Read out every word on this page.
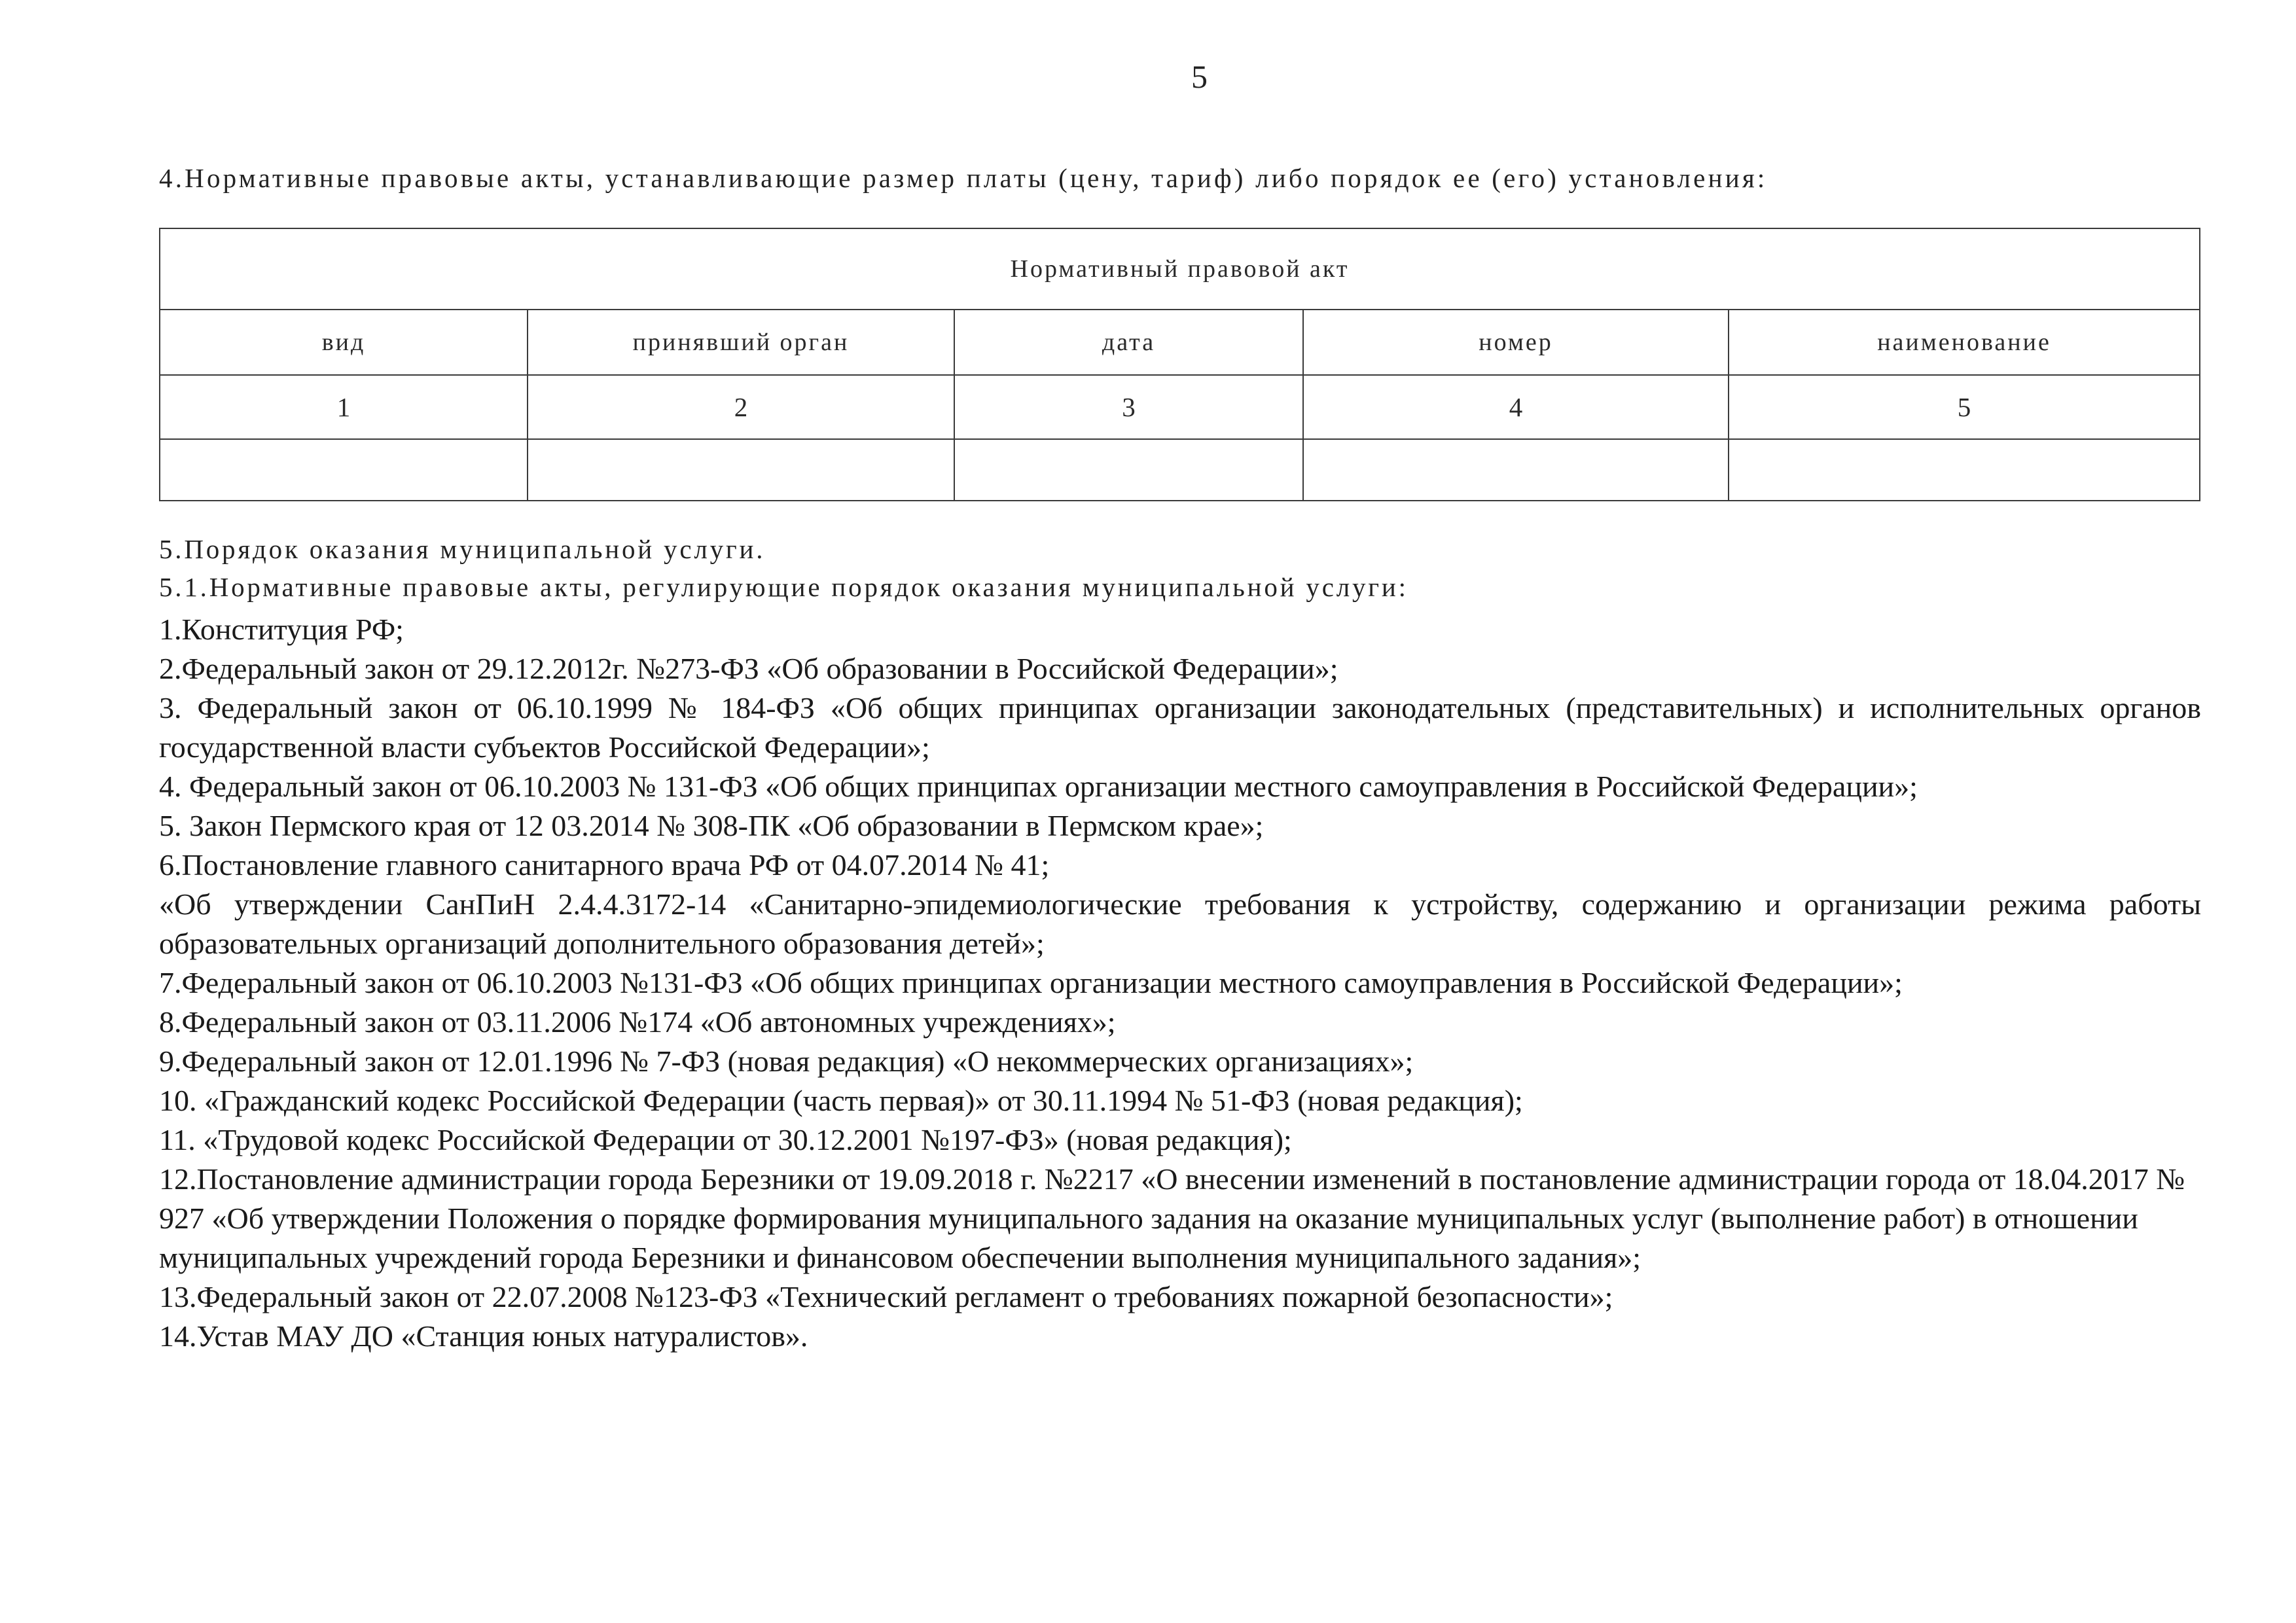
5
4.Нормативные правовые акты, устанавливающие размер платы (цену, тариф) либо порядок ее (его) установления:
Нормативный правовой акт				
вид	принявший орган	дата	номер	наименование
1	2	3	4	5

5.Порядок оказания муниципальной услуги.
5.1.Нормативные правовые акты, регулирующие порядок оказания муниципальной услуги:

1.Конституция РФ;

2.Федеральный закон от 29.12.2012г. №273-ФЗ «Об образовании в Российской Федерации»;

3. Федеральный закон от 06.10.1999 № 184-ФЗ «Об общих принципах организации законодательных (представительных) и исполнительных органов государственной власти субъектов Российской Федерации»;

4. Федеральный закон от 06.10.2003 № 131-ФЗ «Об общих принципах организации местного самоуправления в Российской Федерации»;

5. Закон Пермского края от 12 03.2014 № 308-ПК «Об образовании в Пермском крае»;

6.Постановление главного санитарного врача РФ от 04.07.2014 № 41;

«Об утверждении СанПиН 2.4.4.3172-14 «Санитарно-эпидемиологические требования к устройству, содержанию и организации режима работы образовательных организаций дополнительного образования детей»;

7.Федеральный закон от 06.10.2003 №131-ФЗ «Об общих принципах организации местного самоуправления в Российской Федерации»;

8.Федеральный закон от 03.11.2006 №174 «Об автономных учреждениях»;

9.Федеральный закон от 12.01.1996 № 7-ФЗ (новая редакция) «О некоммерческих организациях»;

10. «Гражданский кодекс Российской Федерации (часть первая)» от 30.11.1994 № 51-ФЗ (новая редакция);

11. «Трудовой кодекс Российской Федерации от 30.12.2001 №197-ФЗ» (новая редакция);

12.Постановление администрации города Березники от 19.09.2018 г. №2217 «О внесении изменений в постановление администрации города от 18.04.2017 № 927 «Об утверждении Положения о порядке формирования муниципального задания на оказание муниципальных услуг (выполнение работ) в отношении муниципальных учреждений города Березники и финансовом обеспечении выполнения муниципального задания»;

13.Федеральный закон от 22.07.2008 №123-ФЗ «Технический регламент о требованиях пожарной безопасности»;

14.Устав МАУ ДО «Станция юных натуралистов».
